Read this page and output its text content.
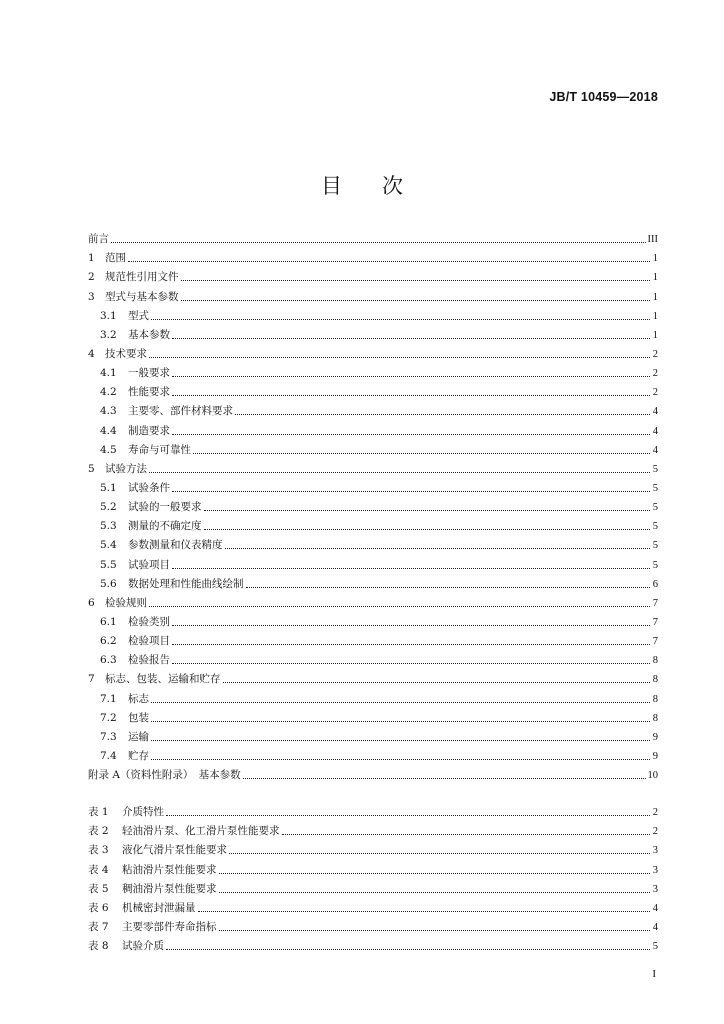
JB/T 10459—2018
目次
前言	III
1 范围	1
2 规范性引用文件	1
3 型式与基本参数	1
3.1	型式	1
3.2	基本参数	1
4 技术要求	2
4.1	一般要求	2
4.2	性能要求	2
4.3	主要零、部件材料要求	4
4.4	制造要求	4
4.5	寿命与可靠性	4
5 试验方法	5
5.1	试验条件	5
5.2	试验的一般要求	5
5.3	测量的不确定度	5
5.4	参数测量和仪表精度	5
5.5	试验项目	5
5.6	数据处理和性能曲线绘制	6
6 检验规则	7
6.1	检验类别	7
6.2	检验项目	7
6.3	检验报告	8
7 标志、包装、运输和贮存	8
7.1	标志	8
7.2	包装	8
7.3	运输	9
7.4	贮存	9
附录 A（资料性附录）　基本参数	10
表 1	介质特性	2
表 2	轻油滑片泵、化工滑片泵性能要求	2
表 3	液化气滑片泵性能要求	3
表 4	粘油滑片泵性能要求	3
表 5	稠油滑片泵性能要求	3
表 6	机械密封泄漏量	4
表 7	主要零部件寿命指标	4
表 8	试验介质	5
I
